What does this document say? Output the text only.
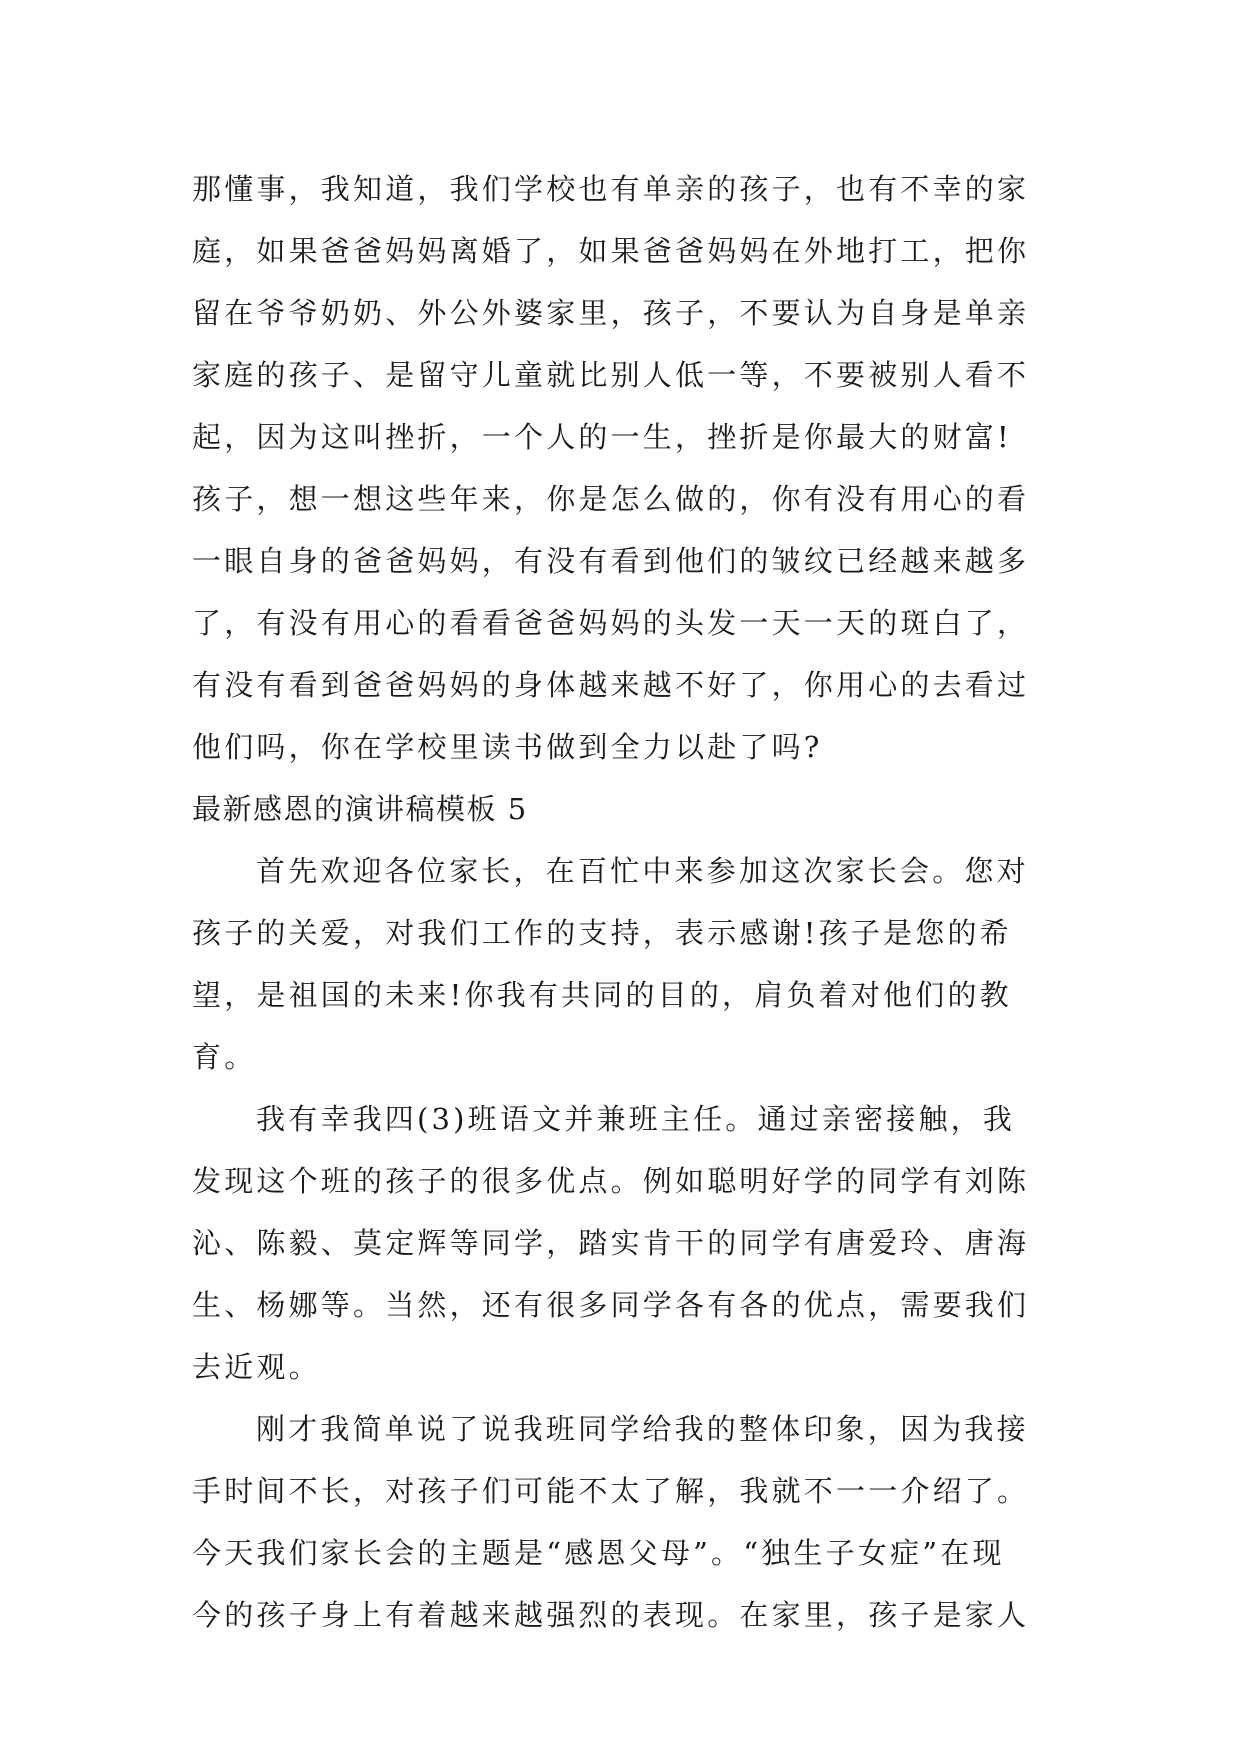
那懂事，我知道，我们学校也有单亲的孩子，也有不幸的家
庭，如果爸爸妈妈离婚了，如果爸爸妈妈在外地打工，把你
留在爷爷奶奶、外公外婆家里，孩子，不要认为自身是单亲
家庭的孩子、是留守儿童就比别人低一等，不要被别人看不
起，因为这叫挫折，一个人的一生，挫折是你最大的财富!
孩子，想一想这些年来，你是怎么做的，你有没有用心的看
一眼自身的爸爸妈妈，有没有看到他们的皱纹已经越来越多
了，有没有用心的看看爸爸妈妈的头发一天一天的斑白了，
有没有看到爸爸妈妈的身体越来越不好了，你用心的去看过
他们吗，你在学校里读书做到全力以赴了吗?
最新感恩的演讲稿模板 5
首先欢迎各位家长，在百忙中来参加这次家长会。您对
孩子的关爱，对我们工作的支持，表示感谢!孩子是您的希
望，是祖国的未来!你我有共同的目的，肩负着对他们的教
育。
我有幸我四(3)班语文并兼班主任。通过亲密接触，我
发现这个班的孩子的很多优点。例如聪明好学的同学有刘陈
沁、陈毅、莫定辉等同学，踏实肯干的同学有唐爱玲、唐海
生、杨娜等。当然，还有很多同学各有各的优点，需要我们
去近观。
刚才我简单说了说我班同学给我的整体印象，因为我接
手时间不长，对孩子们可能不太了解，我就不一一介绍了。
今天我们家长会的主题是“感恩父母”。“独生子女症”在现
今的孩子身上有着越来越强烈的表现。在家里，孩子是家人
